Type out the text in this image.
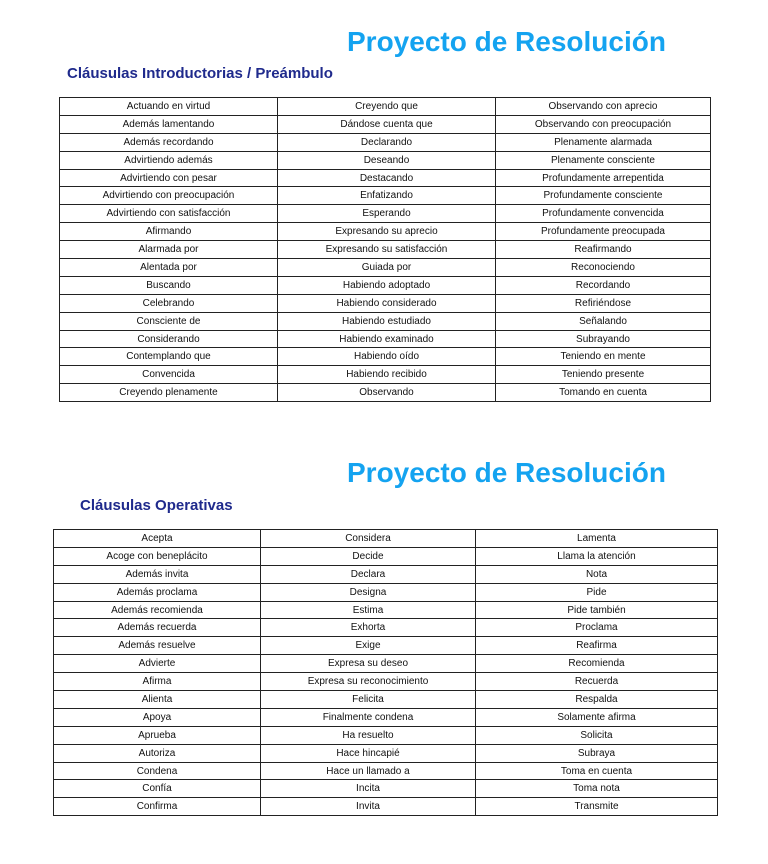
Proyecto de Resolución
Cláusulas Introductorias / Preámbulo
Actuando en virtud	Creyendo que	Observando con aprecio
Además lamentando	Dándose cuenta que	Observando con preocupación
Además recordando	Declarando	Plenamente alarmada
Advirtiendo además	Deseando	Plenamente consciente
Advirtiendo con pesar	Destacando	Profundamente arrepentida
Advirtiendo con preocupación	Enfatizando	Profundamente consciente
Advirtiendo con satisfacción	Esperando	Profundamente convencida
Afirmando	Expresando su aprecio	Profundamente preocupada
Alarmada por	Expresando su satisfacción	Reafirmando
Alentada por	Guiada por	Reconociendo
Buscando	Habiendo adoptado	Recordando
Celebrando	Habiendo considerado	Refiriéndose
Consciente de	Habiendo estudiado	Señalando
Considerando	Habiendo examinado	Subrayando
Contemplando que	Habiendo oído	Teniendo en mente
Convencida	Habiendo recibido	Teniendo presente
Creyendo plenamente	Observando	Tomando en cuenta
Proyecto de Resolución
Cláusulas Operativas
Acepta	Considera	Lamenta
Acoge con beneplácito	Decide	Llama la atención
Además invita	Declara	Nota
Además proclama	Designa	Pide
Además recomienda	Estima	Pide también
Además recuerda	Exhorta	Proclama
Además resuelve	Exige	Reafirma
Advierte	Expresa su deseo	Recomienda
Afirma	Expresa su reconocimiento	Recuerda
Alienta	Felicita	Respalda
Apoya	Finalmente condena	Solamente afirma
Aprueba	Ha resuelto	Solicita
Autoriza	Hace hincapié	Subraya
Condena	Hace un llamado a	Toma en cuenta
Confía	Incita	Toma nota
Confirma	Invita	Transmite
